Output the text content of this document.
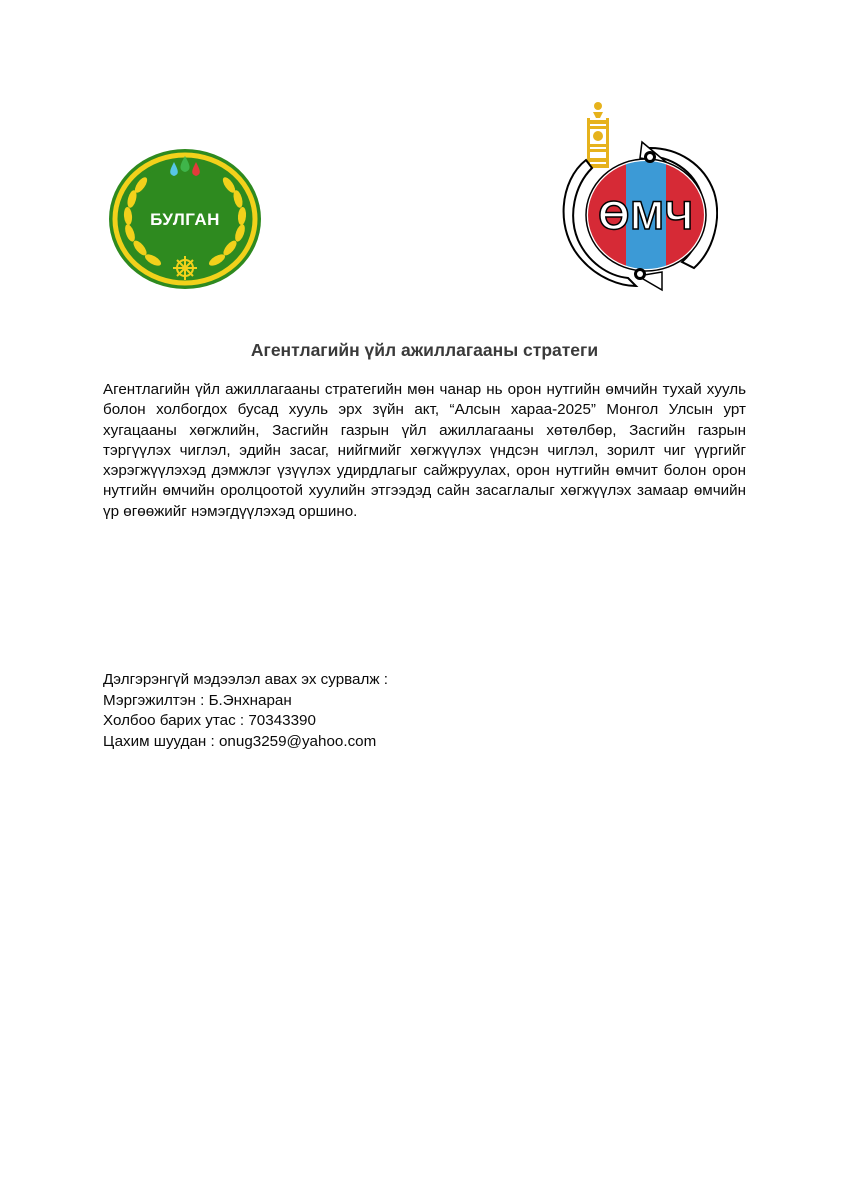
БУЛГАН	ӨМЧ
Агентлагийн үйл ажиллагааны стратеги

Агентлагийн үйл ажиллагааны стратегийн мөн чанар нь орон нутгийн өмчийн тухай хууль болон холбогдох бусад хууль эрх зүйн акт, “Алсын хараа-2025” Монгол Улсын урт хугацааны хөгжлийн, Засгийн газрын үйл ажиллагааны хөтөлбөр, Засгийн газрын тэргүүлэх чиглэл, эдийн засаг, нийгмийг хөгжүүлэх үндсэн чиглэл, зорилт чиг үүргийг хэрэгжүүлэхэд дэмжлэг үзүүлэх удирдлагыг сайжруулах, орон нутгийн өмчит болон орон нутгийн өмчийн оролцоотой хуулийн этгээдэд сайн засаглалыг хөгжүүлэх замаар өмчийн үр өгөөжийг нэмэгдүүлэхэд оршино.

Дэлгэрэнгүй мэдээлэл авах эх сурвалж :
Мэргэжилтэн : Б.Энхнаран
Холбоо барих утас : 70343390
Цахим шуудан : onug3259@yahoo.com
